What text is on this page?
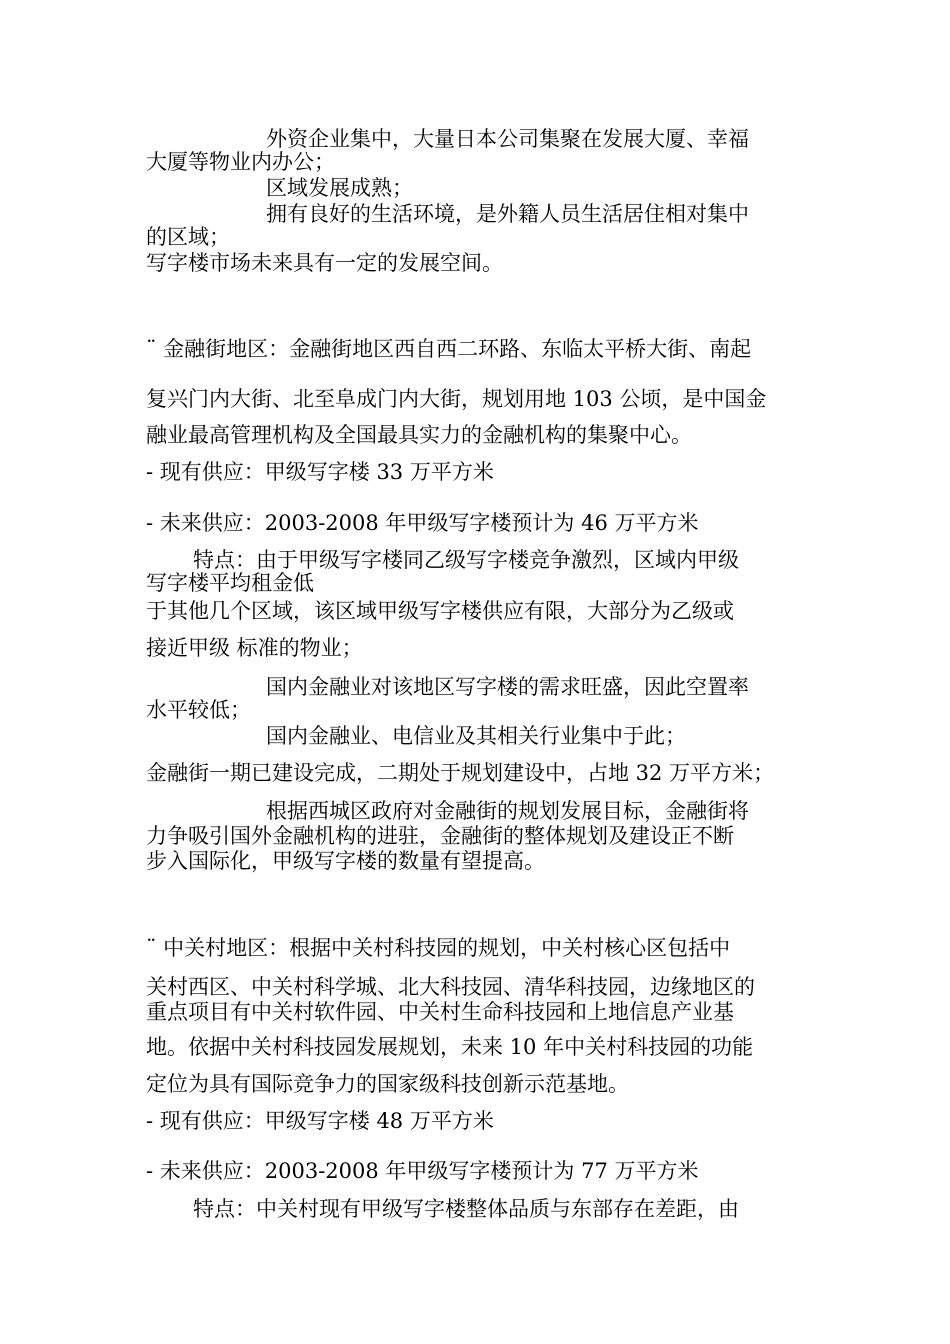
外资企业集中，大量日本公司集聚在发展大厦、幸福
大厦等物业内办公；
区域发展成熟；
拥有良好的生活环境，是外籍人员生活居住相对集中
的区域；
写字楼市场未来具有一定的发展空间。
¨ 金融街地区：金融街地区西自西二环路、东临太平桥大街、南起
复兴门内大街、北至阜成门内大街，规划用地 103 公顷，是中国金
融业最高管理机构及全国最具实力的金融机构的集聚中心。
- 现有供应：甲级写字楼 33 万平方米
- 未来供应：2003-2008 年甲级写字楼预计为 46 万平方米
特点：由于甲级写字楼同乙级写字楼竞争激烈，区域内甲级
写字楼平均租金低
于其他几个区域，该区域甲级写字楼供应有限，大部分为乙级或
接近甲级 标准的物业；
国内金融业对该地区写字楼的需求旺盛，因此空置率
水平较低；
国内金融业、电信业及其相关行业集中于此；
金融街一期已建设完成，二期处于规划建设中，占地 32 万平方米；
根据西城区政府对金融街的规划发展目标，金融街将
力争吸引国外金融机构的进驻，金融街的整体规划及建设正不断
步入国际化，甲级写字楼的数量有望提高。
¨ 中关村地区：根据中关村科技园的规划，中关村核心区包括中
关村西区、中关村科学城、北大科技园、清华科技园，边缘地区的
重点项目有中关村软件园、中关村生命科技园和上地信息产业基
地。依据中关村科技园发展规划，未来 10 年中关村科技园的功能
定位为具有国际竞争力的国家级科技创新示范基地。
- 现有供应：甲级写字楼 48 万平方米
- 未来供应：2003-2008 年甲级写字楼预计为 77 万平方米
特点：中关村现有甲级写字楼整体品质与东部存在差距，由
